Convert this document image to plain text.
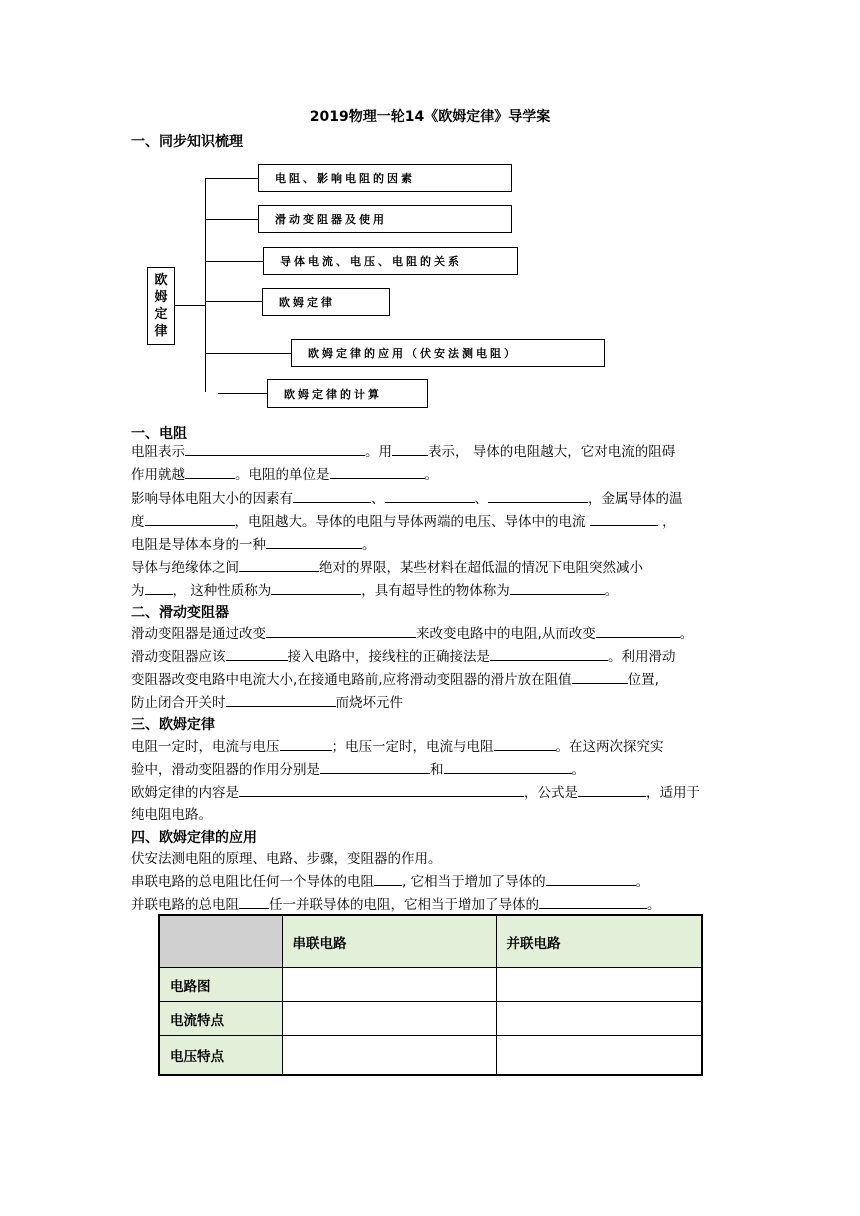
2019物理一轮14《欧姆定律》导学案
一、同步知识梳理
欧
姆
定
律
电阻、影响电阻的因素
滑动变阻器及使用
导体电流、电压、电阻的关系
欧姆定律
欧姆定律的应用（伏安法测电阻）
欧姆定律的计算
一、电阻
电阻表示	。用	表示， 导体的电阻越大，它对电流的阻碍
作用就越	。电阻的单位是	。
影响导体电阻大小的因素有	、	、	，金属导体的温
度	，电阻越大。导体的电阻与导体两端的电压、导体中的电流	，
电阻是导体本身的一种	。
导体与绝缘体之间	绝对的界限，某些材料在超低温的情况下电阻突然减小
为 ， 这种性质称为	，具有超导性的物体称为	。
二、滑动变阻器
滑动变阻器是通过改变	来改变电路中的电阻,从而改变	。
滑动变阻器应该	接入电路中，接线柱的正确接法是	。利用滑动
变阻器改变电路中电流大小,在接通电路前,应将滑动变阻器的滑片放在阻值	位置,
防止闭合开关时	而烧坏元件
三、欧姆定律
电阻一定时，电流与电压	；电压一定时，电流与电阻	。在这两次探究实
验中，滑动变阻器的作用分别是	和	。
欧姆定律的内容是	，公式是	，适用于
纯电阻电路。
四、欧姆定律的应用
伏安法测电阻的原理、电路、步骤，变阻器的作用。
串联电路的总电阻比任何一个导体的电阻 , 它相当于增加了导体的	。
并联电路的总电阻 任一并联导体的电阻，它相当于增加了导体的	。
	串联电路	并联电路
电路图		
电流特点		
电压特点		
